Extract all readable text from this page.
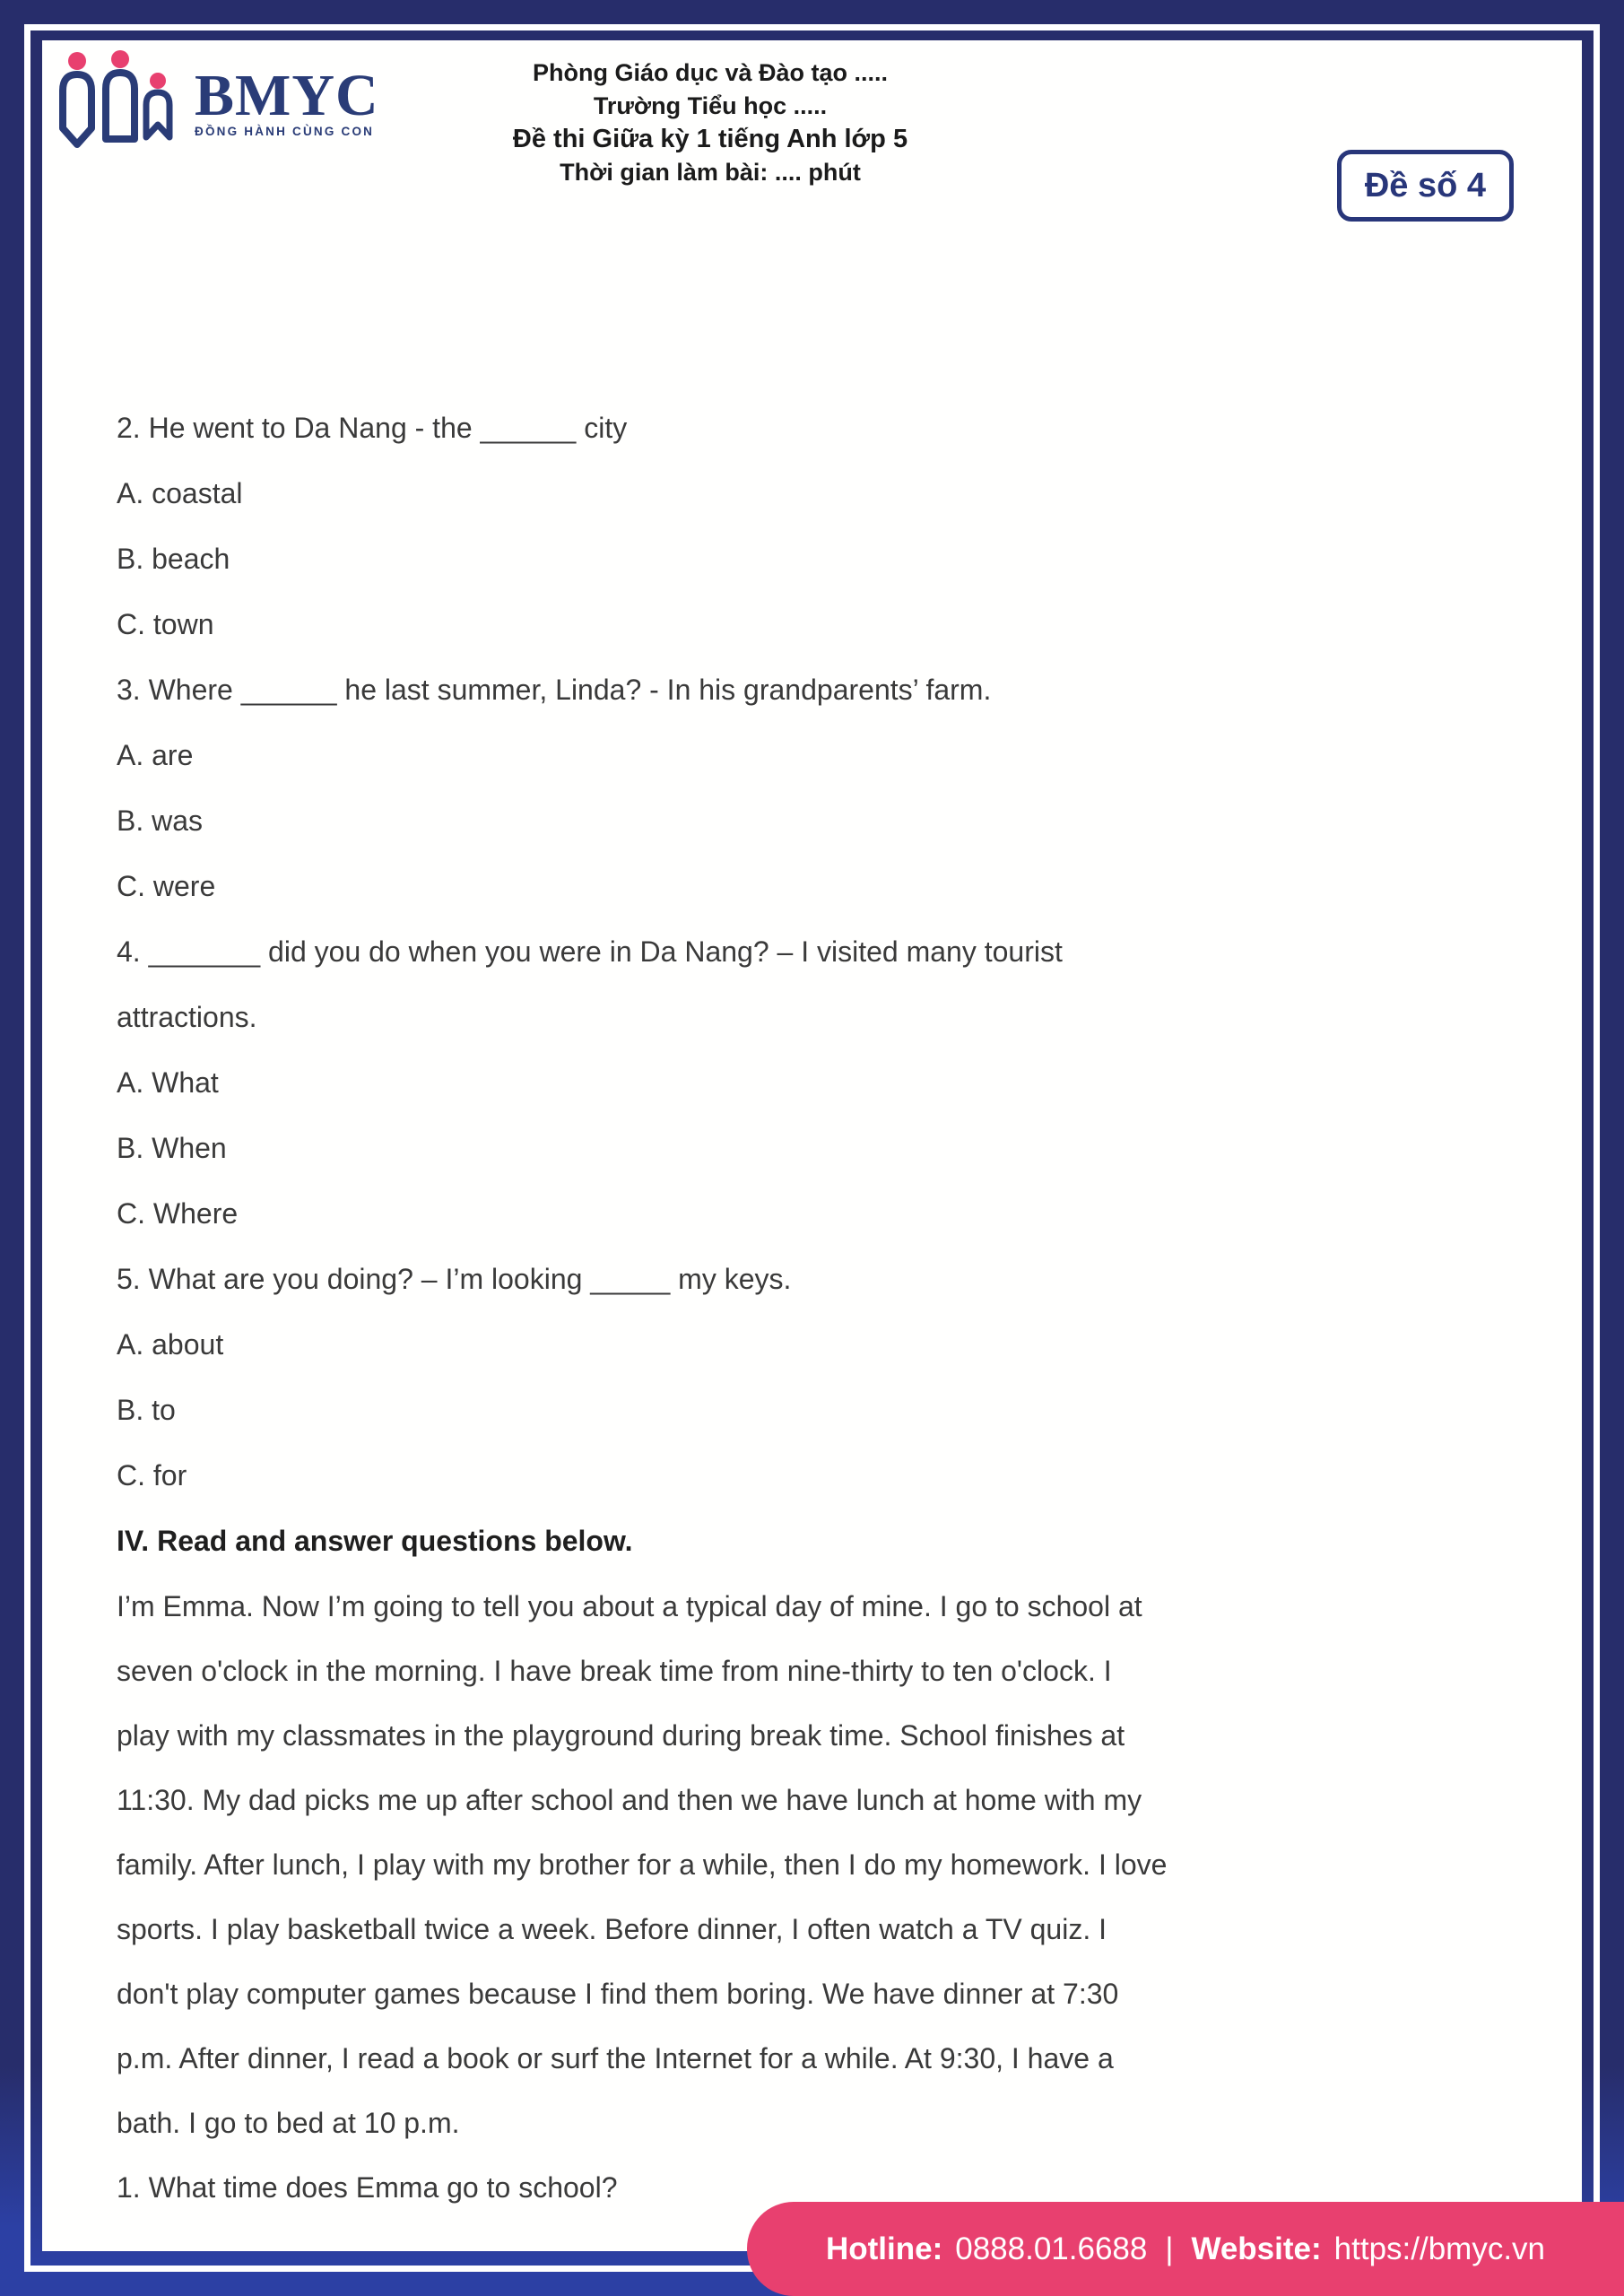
BMYC
ĐỒNG HÀNH CÙNG CON
Phòng Giáo dục và Đào tạo .....
Trường Tiểu học .....
Đề thi Giữa kỳ 1 tiếng Anh lớp 5
Thời gian làm bài: .... phút	Đề số 4
2. He went to Da Nang - the ______ city
A. coastal
B. beach
C. town
3. Where ______ he last summer, Linda? - In his grandparents’ farm.
A. are
B. was
C. were
4. _______ did you do when you were in Da Nang? – I visited many tourist
attractions.
A. What
B. When
C. Where
5. What are you doing? – I’m looking _____ my keys.
A. about
B. to
C. for
IV. Read and answer questions below.
I’m Emma. Now I’m going to tell you about a typical day of mine. I go to school at
seven o'clock in the morning. I have break time from nine-thirty to ten o'clock. I
play with my classmates in the playground during break time. School finishes at
11:30. My dad picks me up after school and then we have lunch at home with my
family. After lunch, I play with my brother for a while, then I do my homework. I love
sports. I play basketball twice a week. Before dinner, I often watch a TV quiz. I
don't play computer games because I find them boring. We have dinner at 7:30
p.m. After dinner, I read a book or surf the Internet for a while. At 9:30, I have a
bath. I go to bed at 10 p.m.
1. What time does Emma go to school?
Hotline: 0888.01.6688 | Website: https://bmyc.vn
